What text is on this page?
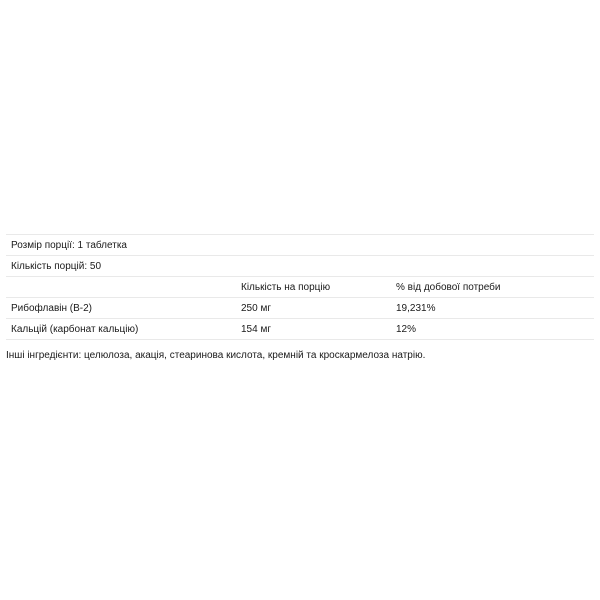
Розмір порції: 1 таблетка		
Кількість порцій: 50		
	Кількість на порцію	% від добової потреби
Рибофлавін (B-2)	250 мг	19,231%
Кальцій (карбонат кальцію)	154 мг	12%

Інші інгредієнти: целюлоза, акація, стеаринова кислота, кремній та кроскармелоза натрію.
